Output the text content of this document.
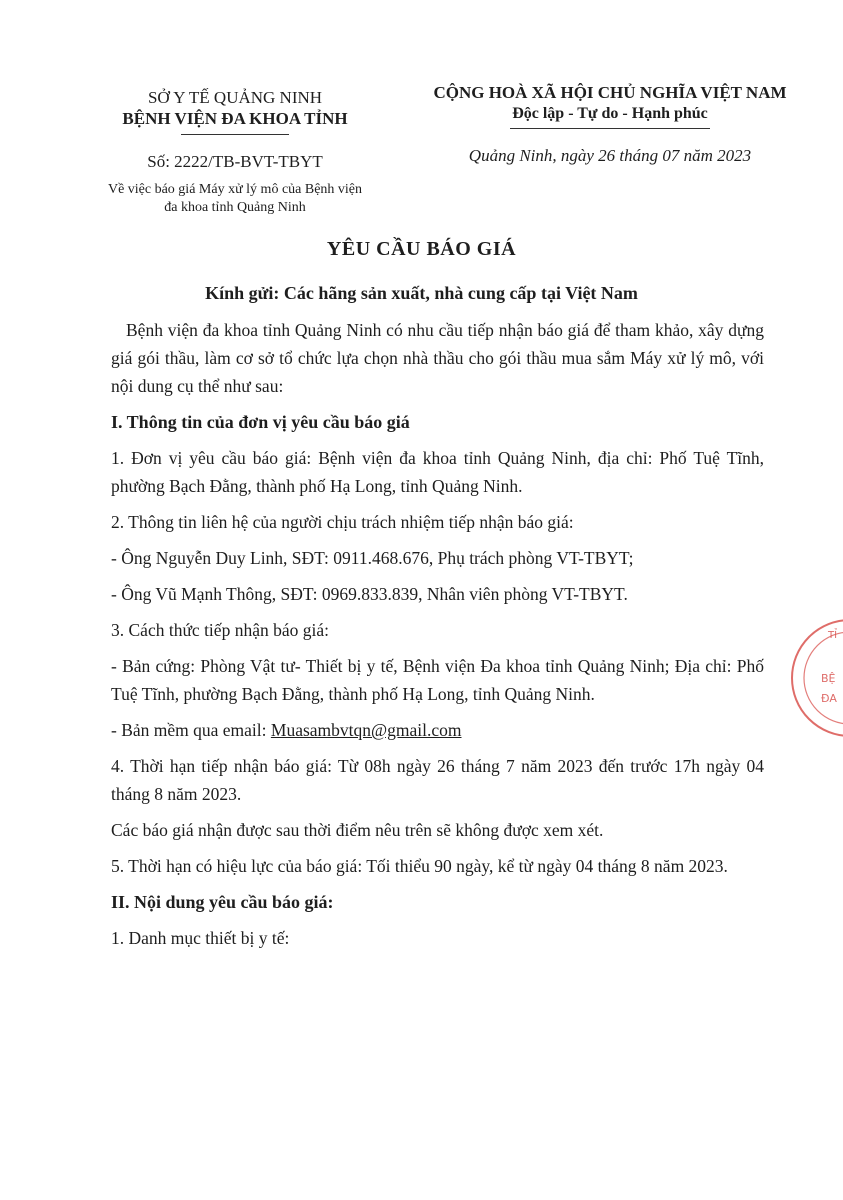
SỞ Y TẾ QUẢNG NINH

BỆNH VIỆN ĐA KHOA TỈNH

CỘNG HOÀ XÃ HỘI CHỦ NGHĨA VIỆT NAM

Độc lập - Tự do - Hạnh phúc

Số: 2222/TB-BVT-TBYT
Về việc báo giá Máy xử lý mô của Bệnh viện
đa khoa tỉnh Quảng Ninh
Quảng Ninh, ngày 26 tháng 07 năm 2023
YÊU CẦU BÁO GIÁ
Kính gửi: Các hãng sản xuất, nhà cung cấp tại Việt Nam

Bệnh viện đa khoa tỉnh Quảng Ninh có nhu cầu tiếp nhận báo giá để tham khảo, xây dựng giá gói thầu, làm cơ sở tổ chức lựa chọn nhà thầu cho gói thầu mua sắm Máy xử lý mô, với nội dung cụ thể như sau:

I. Thông tin của đơn vị yêu cầu báo giá

1. Đơn vị yêu cầu báo giá: Bệnh viện đa khoa tỉnh Quảng Ninh, địa chỉ: Phố Tuệ Tĩnh, phường Bạch Đằng, thành phố Hạ Long, tỉnh Quảng Ninh.

2. Thông tin liên hệ của người chịu trách nhiệm tiếp nhận báo giá:

- Ông Nguyễn Duy Linh, SĐT: 0911.468.676, Phụ trách phòng VT-TBYT;

- Ông Vũ Mạnh Thông, SĐT: 0969.833.839, Nhân viên phòng VT-TBYT.

3. Cách thức tiếp nhận báo giá:

- Bản cứng: Phòng Vật tư- Thiết bị y tế, Bệnh viện Đa khoa tỉnh Quảng Ninh; Địa chỉ: Phố Tuệ Tĩnh, phường Bạch Đằng, thành phố Hạ Long, tỉnh Quảng Ninh.

- Bản mềm qua email: Muasambvtqn@gmail.com

4. Thời hạn tiếp nhận báo giá: Từ 08h ngày 26 tháng 7 năm 2023 đến trước 17h ngày 04 tháng 8 năm 2023.

Các báo giá nhận được sau thời điểm nêu trên sẽ không được xem xét.

5. Thời hạn có hiệu lực của báo giá: Tối thiểu 90 ngày, kể từ ngày 04 tháng 8 năm 2023.

II. Nội dung yêu cầu báo giá:

1. Danh mục thiết bị y tế:

TỈ
BỆ
ĐA
